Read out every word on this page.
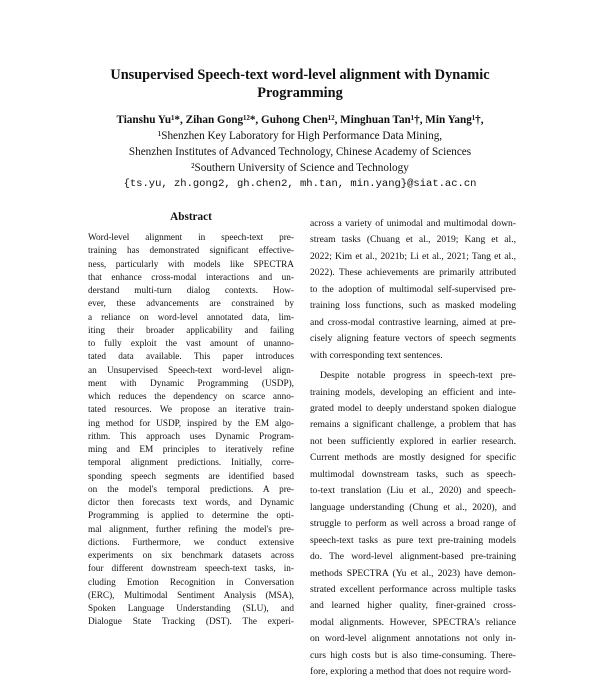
Unsupervised Speech-text word-level alignment with Dynamic
Programming
Tianshu Yu¹*, Zihan Gong¹²*, Guhong Chen¹², Minghuan Tan¹†, Min Yang¹†,
¹Shenzhen Key Laboratory for High Performance Data Mining,
Shenzhen Institutes of Advanced Technology, Chinese Academy of Sciences
²Southern University of Science and Technology
{ts.yu, zh.gong2, gh.chen2, mh.tan, min.yang}@siat.ac.cn
Abstract
Word-level alignment in speech-text pre-
training has demonstrated significant effective-
ness, particularly with models like SPECTRA
that enhance cross-modal interactions and un-
derstand multi-turn dialog contexts. How-
ever, these advancements are constrained by
a reliance on word-level annotated data, lim-
iting their broader applicability and failing
to fully exploit the vast amount of unanno-
tated data available. This paper introduces
an Unsupervised Speech-text word-level align-
ment with Dynamic Programming (USDP),
which reduces the dependency on scarce anno-
tated resources. We propose an iterative train-
ing method for USDP, inspired by the EM algo-
rithm. This approach uses Dynamic Program-
ming and EM principles to iteratively refine
temporal alignment predictions. Initially, corre-
sponding speech segments are identified based
on the model's temporal predictions. A pre-
dictor then forecasts text words, and Dynamic
Programming is applied to determine the opti-
mal alignment, further refining the model's pre-
dictions. Furthermore, we conduct extensive
experiments on six benchmark datasets across
four different downstream speech-text tasks, in-
cluding Emotion Recognition in Conversation
(ERC), Multimodal Sentiment Analysis (MSA),
Spoken Language Understanding (SLU), and
Dialogue State Tracking (DST). The experi-
across a variety of unimodal and multimodal down-
stream tasks (Chuang et al., 2019; Kang et al.,
2022; Kim et al., 2021b; Li et al., 2021; Tang et al.,
2022). These achievements are primarily attributed
to the adoption of multimodal self-supervised pre-
training loss functions, such as masked modeling
and cross-modal contrastive learning, aimed at pre-
cisely aligning feature vectors of speech segments
with corresponding text sentences.
Despite notable progress in speech-text pre-
training models, developing an efficient and inte-
grated model to deeply understand spoken dialogue
remains a significant challenge, a problem that has
not been sufficiently explored in earlier research.
Current methods are mostly designed for specific
multimodal downstream tasks, such as speech-
to-text translation (Liu et al., 2020) and speech-
language understanding (Chung et al., 2020), and
struggle to perform as well across a broad range of
speech-text tasks as pure text pre-training models
do. The word-level alignment-based pre-training
methods SPECTRA (Yu et al., 2023) have demon-
strated excellent performance across multiple tasks
and learned higher quality, finer-grained cross-
modal alignments. However, SPECTRA's reliance
on word-level alignment annotations not only in-
curs high costs but is also time-consuming. There-
fore, exploring a method that does not require word-
